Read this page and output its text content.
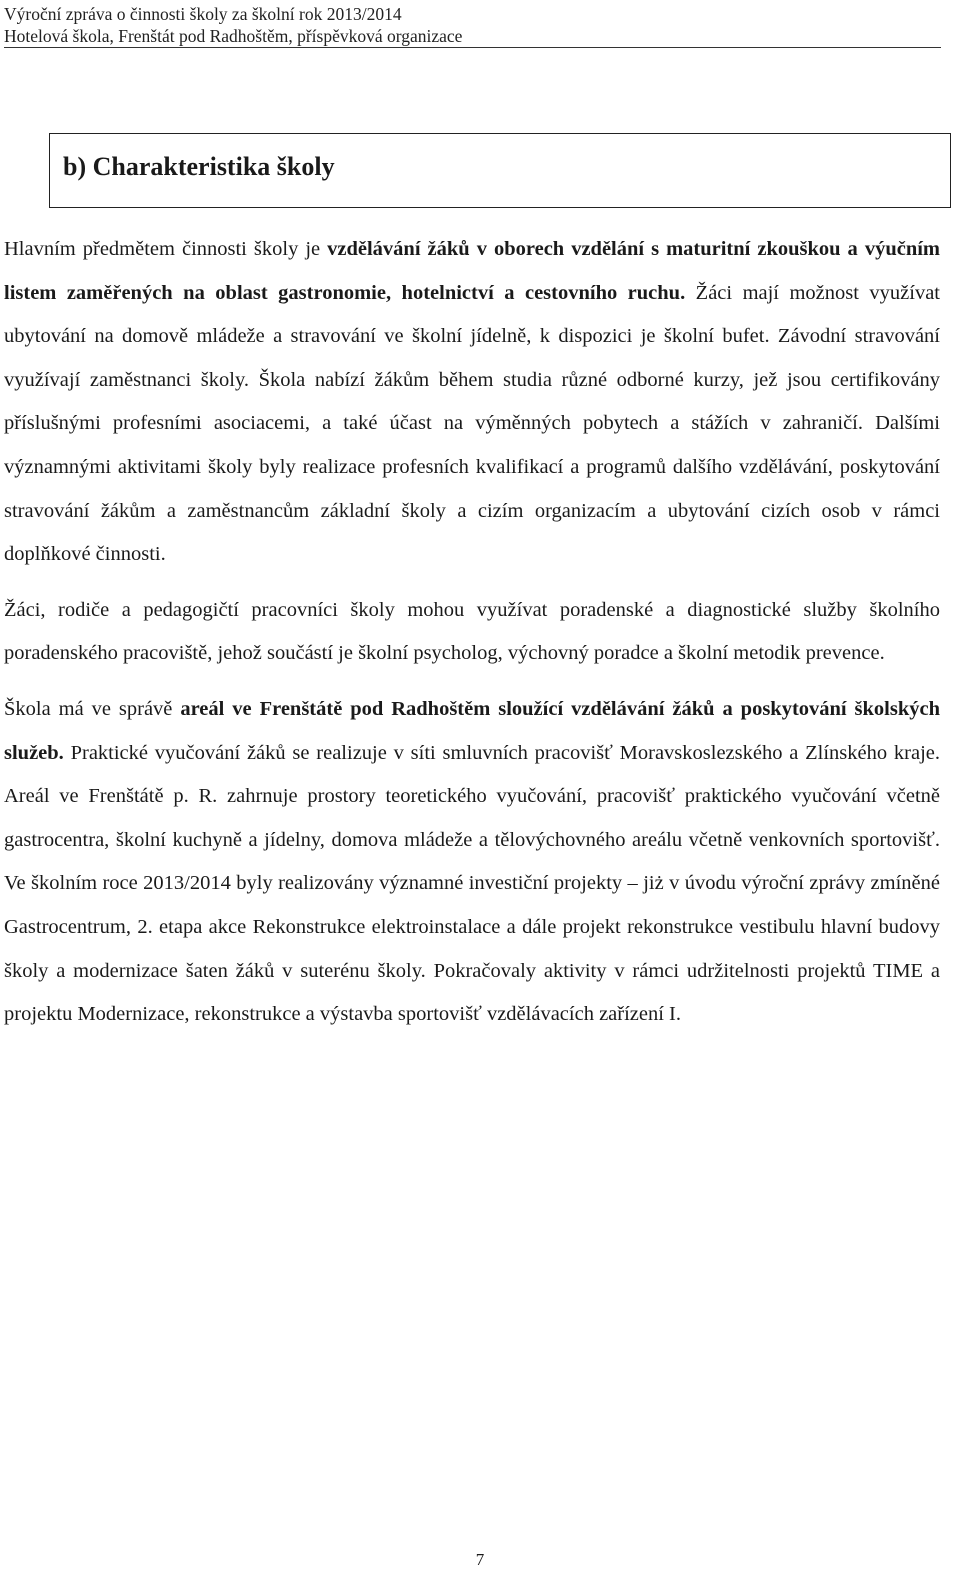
Výroční zpráva o činnosti školy za školní rok 2013/2014
Hotelová škola, Frenštát pod Radhoštěm, příspěvková organizace
b) Charakteristika školy

Hlavním předmětem činnosti školy je vzdělávání žáků v oborech vzdělání s maturitní zkouškou a výučním listem zaměřených na oblast gastronomie, hotelnictví a cestovního ruchu. Žáci mají možnost využívat ubytování na domově mládeže a stravování ve školní jídelně, k dispozici je školní bufet. Závodní stravování využívají zaměstnanci školy. Škola nabízí žákům během studia různé odborné kurzy, jež jsou certifikovány příslušnými profesními asociacemi, a také účast na výměnných pobytech a stážích v zahraničí. Dalšími významnými aktivitami školy byly realizace profesních kvalifikací a programů dalšího vzdělávání, poskytování stravování žákům a zaměstnancům základní školy a cizím organizacím a ubytování cizích osob v rámci doplňkové činnosti.

Žáci, rodiče a pedagogičtí pracovníci školy mohou využívat poradenské a diagnostické služby školního poradenského pracoviště, jehož součástí je školní psycholog, výchovný poradce a školní metodik prevence.

Škola má ve správě areál ve Frenštátě pod Radhoštěm sloužící vzdělávání žáků a poskytování školských služeb. Praktické vyučování žáků se realizuje v síti smluvních pracovišť Moravskoslezského a Zlínského kraje. Areál ve Frenštátě p. R. zahrnuje prostory teoretického vyučování, pracovišť praktického vyučování včetně gastrocentra, školní kuchyně a jídelny, domova mládeže a tělovýchovného areálu včetně venkovních sportovišť. Ve školním roce 2013/2014 byly realizovány významné investiční projekty – jiż v úvodu výroční zprávy zmíněné Gastrocentrum, 2. etapa akce Rekonstrukce elektroinstalace a dále projekt rekonstrukce vestibulu hlavní budovy školy a modernizace šaten žáků v suterénu školy. Pokračovaly aktivity v rámci udržitelnosti projektů TIME a projektu Modernizace, rekonstrukce a výstavba sportovišť vzdělávacích zařízení I.

7
